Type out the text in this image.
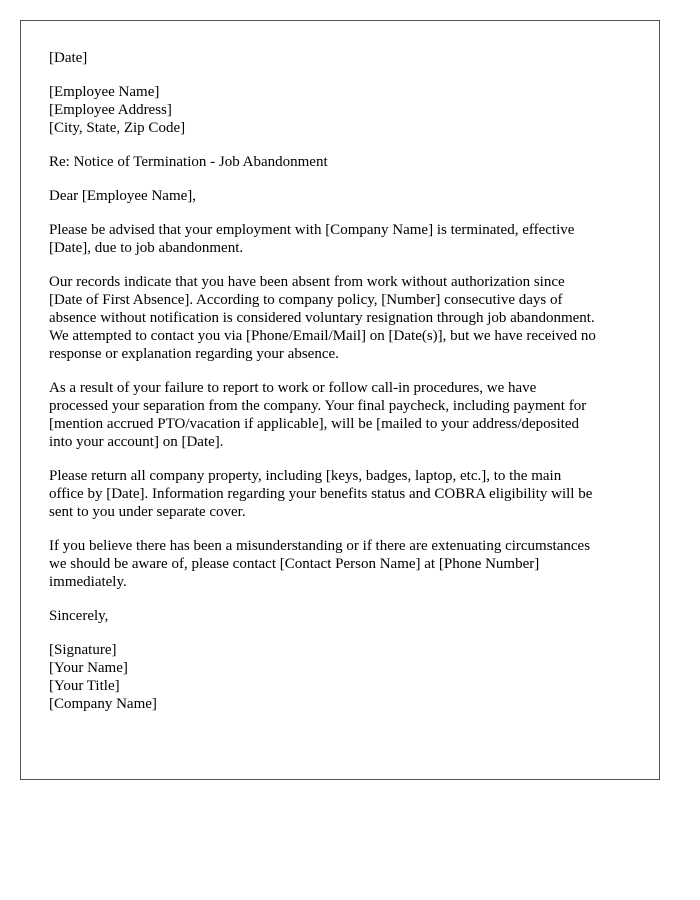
[Date]
[Employee Name]
[Employee Address]
[City, State, Zip Code]
Re: Notice of Termination - Job Abandonment
Dear [Employee Name],
Please be advised that your employment with [Company Name] is terminated, effective
[Date], due to job abandonment.
Our records indicate that you have been absent from work without authorization since
[Date of First Absence]. According to company policy, [Number] consecutive days of
absence without notification is considered voluntary resignation through job abandonment.
We attempted to contact you via [Phone/Email/Mail] on [Date(s)], but we have received no
response or explanation regarding your absence.
As a result of your failure to report to work or follow call-in procedures, we have
processed your separation from the company. Your final paycheck, including payment for
[mention accrued PTO/vacation if applicable], will be [mailed to your address/deposited
into your account] on [Date].
Please return all company property, including [keys, badges, laptop, etc.], to the main
office by [Date]. Information regarding your benefits status and COBRA eligibility will be
sent to you under separate cover.
If you believe there has been a misunderstanding or if there are extenuating circumstances
we should be aware of, please contact [Contact Person Name] at [Phone Number]
immediately.
Sincerely,
[Signature]
[Your Name]
[Your Title]
[Company Name]
